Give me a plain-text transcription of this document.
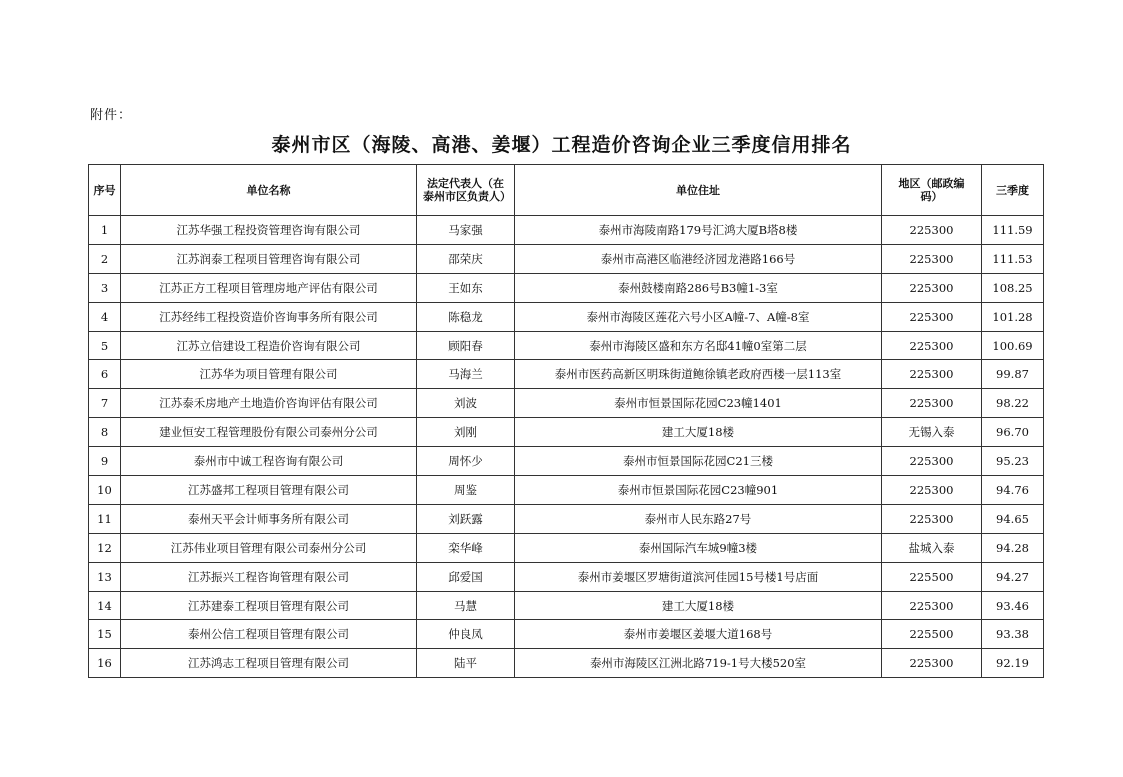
附件：
泰州市区（海陵、高港、姜堰）工程造价咨询企业三季度信用排名
序号	单位名称	法定代表人（在泰州市区负责人）	单位住址	地区（邮政编码）	三季度
1	江苏华强工程投资管理咨询有限公司	马家强	泰州市海陵南路179号汇鸿大厦B塔8楼	225300	111.59
2	江苏润泰工程项目管理咨询有限公司	邵荣庆	泰州市高港区临港经济园龙港路166号	225300	111.53
3	江苏正方工程项目管理房地产评估有限公司	王如东	泰州鼓楼南路286号B3幢1-3室	225300	108.25
4	江苏经纬工程投资造价咨询事务所有限公司	陈稳龙	泰州市海陵区莲花六号小区A幢-7、A幢-8室	225300	101.28
5	江苏立信建设工程造价咨询有限公司	顾阳春	泰州市海陵区盛和东方名邸41幢0室第二层	225300	100.69
6	江苏华为项目管理有限公司	马海兰	泰州市医药高新区明珠街道鲍徐镇老政府西楼一层113室	225300	99.87
7	江苏泰禾房地产土地造价咨询评估有限公司	刘波	泰州市恒景国际花园C23幢1401	225300	98.22
8	建业恒安工程管理股份有限公司泰州分公司	刘刚	建工大厦18楼	无锡入泰	96.70
9	泰州市中诚工程咨询有限公司	周怀少	泰州市恒景国际花园C21三楼	225300	95.23
10	江苏盛邦工程项目管理有限公司	周鉴	泰州市恒景国际花园C23幢901	225300	94.76
11	泰州天平会计师事务所有限公司	刘跃露	泰州市人民东路27号	225300	94.65
12	江苏伟业项目管理有限公司泰州分公司	栾华峰	泰州国际汽车城9幢3楼	盐城入泰	94.28
13	江苏振兴工程咨询管理有限公司	邱爱国	泰州市姜堰区罗塘街道滨河佳园15号楼1号店面	225500	94.27
14	江苏建泰工程项目管理有限公司	马慧	建工大厦18楼	225300	93.46
15	泰州公信工程项目管理有限公司	仲良凤	泰州市姜堰区姜堰大道168号	225500	93.38
16	江苏鸿志工程项目管理有限公司	陆平	泰州市海陵区江洲北路719-1号大楼520室	225300	92.19
